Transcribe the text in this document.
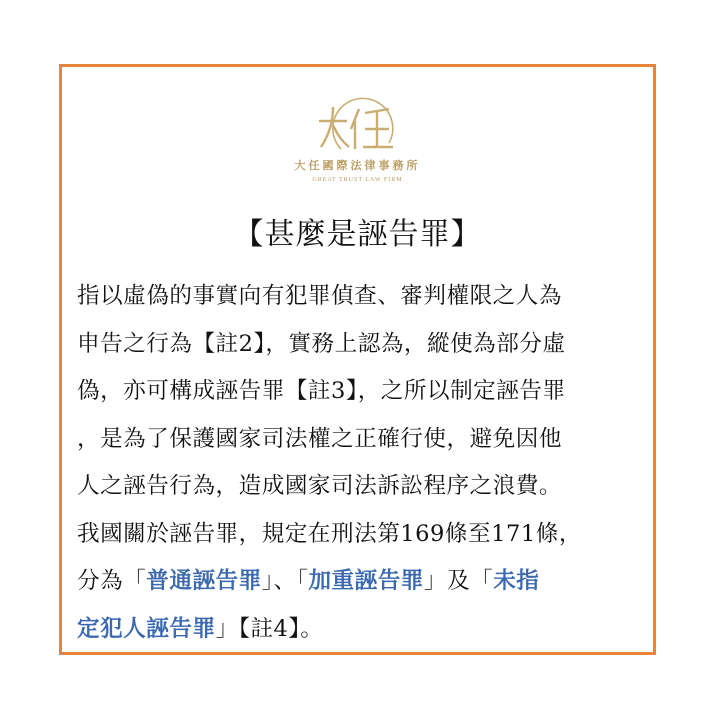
大任國際法律事務所
GREAT TRUST LAW FIRM
【甚麼是誣告罪】
指以虛偽的事實向有犯罪偵查、審判權限之人為
申告之行為【註2】，實務上認為，縱使為部分虛
偽，亦可構成誣告罪【註3】，之所以制定誣告罪
，是為了保護國家司法權之正確行使，避免因他
人之誣告行為，造成國家司法訴訟程序之浪費。
我國關於誣告罪，規定在刑法第169條至171條，
分為「普通誣告罪」、「加重誣告罪」及「未指
定犯人誣告罪」【註4】。
